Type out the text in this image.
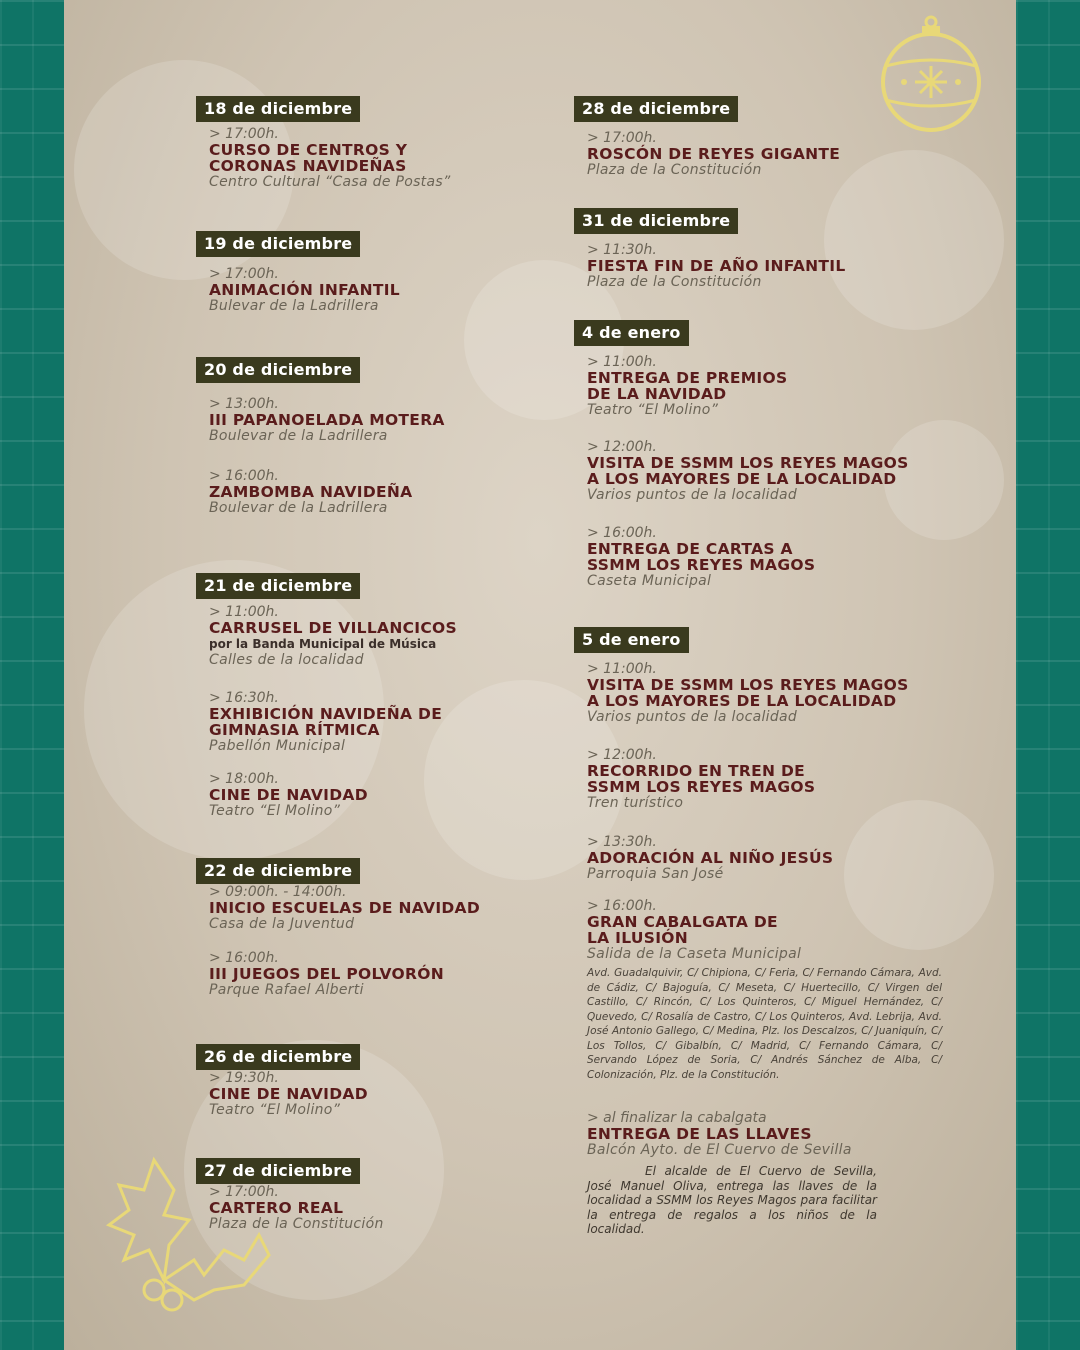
18 de diciembre
> 17:00h.
CURSO DE CENTROS Y
CORONAS NAVIDEÑAS
Centro Cultural “Casa de Postas”
19 de diciembre
> 17:00h.
ANIMACIÓN INFANTIL
Bulevar de la Ladrillera
20 de diciembre
> 13:00h.
III PAPANOELADA MOTERA
Boulevar de la Ladrillera
> 16:00h.
ZAMBOMBA NAVIDEÑA
Boulevar de la Ladrillera
21 de diciembre
> 11:00h.
CARRUSEL DE VILLANCICOS
por la Banda Municipal de Música
Calles de la localidad
> 16:30h.
EXHIBICIÓN NAVIDEÑA DE
GIMNASIA RÍTMICA
Pabellón Municipal
> 18:00h.
CINE DE NAVIDAD
Teatro “El Molino”
22 de diciembre
> 09:00h. - 14:00h.
INICIO ESCUELAS DE NAVIDAD
Casa de la Juventud
> 16:00h.
III JUEGOS DEL POLVORÓN
Parque Rafael Alberti
26 de diciembre
> 19:30h.
CINE DE NAVIDAD
Teatro “El Molino”
27 de diciembre
> 17:00h.
CARTERO REAL
Plaza de la Constitución
28 de diciembre
> 17:00h.
ROSCÓN DE REYES GIGANTE
Plaza de la Constitución
31 de diciembre
> 11:30h.
FIESTA FIN DE AÑO INFANTIL
Plaza de la Constitución
4 de enero
> 11:00h.
ENTREGA DE PREMIOS
DE LA NAVIDAD
Teatro “El Molino”
> 12:00h.
VISITA DE SSMM LOS REYES MAGOS
A LOS MAYORES DE LA LOCALIDAD
Varios puntos de la localidad
> 16:00h.
ENTREGA DE CARTAS A
SSMM LOS REYES MAGOS
Caseta Municipal
5 de enero
> 11:00h.
VISITA DE SSMM LOS REYES MAGOS
A LOS MAYORES DE LA LOCALIDAD
Varios puntos de la localidad
> 12:00h.
RECORRIDO EN TREN DE
SSMM LOS REYES MAGOS
Tren turístico
> 13:30h.
ADORACIÓN AL NIÑO JESÚS
Parroquia San José
> 16:00h.
GRAN CABALGATA DE
LA ILUSIÓN
Salida de la Caseta Municipal
Avd. Guadalquivir, C/ Chipiona, C/ Feria, C/ Fernando Cámara, Avd. de Cádiz, C/ Bajoguía, C/ Meseta, C/ Huertecillo, C/ Virgen del Castillo, C/ Rincón, C/ Los Quinteros, C/ Miguel Hernández, C/ Quevedo, C/ Rosalía de Castro, C/ Los Quinteros, Avd. Lebrija, Avd. José Antonio Gallego, C/ Medina, Plz. los Descalzos, C/ Juaniquín, C/ Los Tollos, C/ Gibalbín, C/ Madrid, C/ Fernando Cámara, C/ Servando López de Soria, C/ Andrés Sánchez de Alba, C/ Colonización, Plz. de la Constitución.
> al finalizar la cabalgata
ENTREGA DE LAS LLAVES
Balcón Ayto. de El Cuervo de Sevilla
El alcalde de El Cuervo de Sevilla, José Manuel Oliva, entrega las llaves de la localidad a SSMM los Reyes Magos para facilitar la entrega de regalos a los niños de la localidad.
